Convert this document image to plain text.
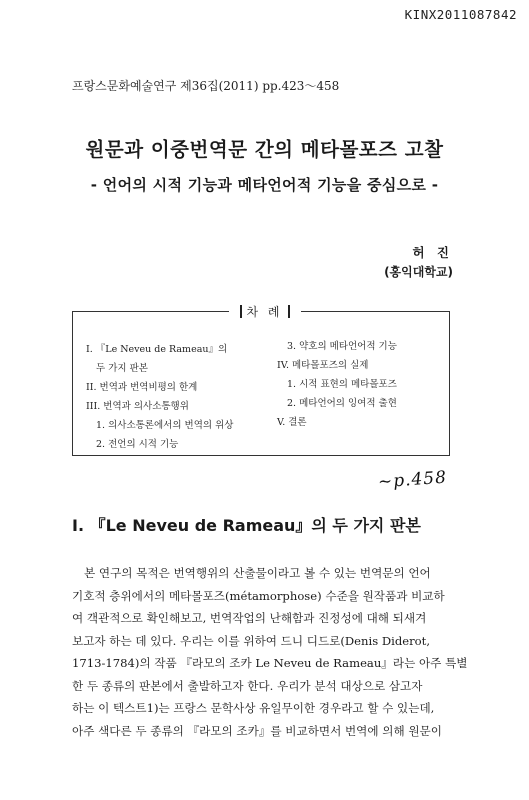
KINX2011087842
프랑스문화예술연구 제36집(2011) pp.423～458
원문과 이중번역문 간의 메타몰포즈 고찰
- 언어의 시적 기능과 메타언어적 기능을 중심으로 -
허 진
(홍익대학교)
차 례
I. 『Le Neveu de Rameau』의
두 가지 판본
II. 번역과 번역비평의 한계
III. 번역과 의사소통행위
1. 의사소통론에서의 번역의 위상
2. 전언의 시적 기능
3. 약호의 메타언어적 기능
IV. 메타몰포즈의 실제
1. 시적 표현의 메타몰포즈
2. 메타언어의 잉여적 출현
V. 결론
~p.458
I. 『Le Neveu de Rameau』의 두 가지 판본
본 연구의 목적은 번역행위의 산출물이라고 볼 수 있는 번역문의 언어
기호적 층위에서의 메타몰포즈(métamorphose) 수준을 원작품과 비교하
여 객관적으로 확인해보고, 번역작업의 난해함과 진정성에 대해 되새겨
보고자 하는 데 있다. 우리는 이를 위하여 드니 디드로(Denis Diderot,
1713-1784)의 작품 『라모의 조카 Le Neveu de Rameau』라는 아주 특별
한 두 종류의 판본에서 출발하고자 한다. 우리가 분석 대상으로 삼고자
하는 이 텍스트1)는 프랑스 문학사상 유일무이한 경우라고 할 수 있는데,
아주 색다른 두 종류의 『라모의 조카』를 비교하면서 번역에 의해 원문이
